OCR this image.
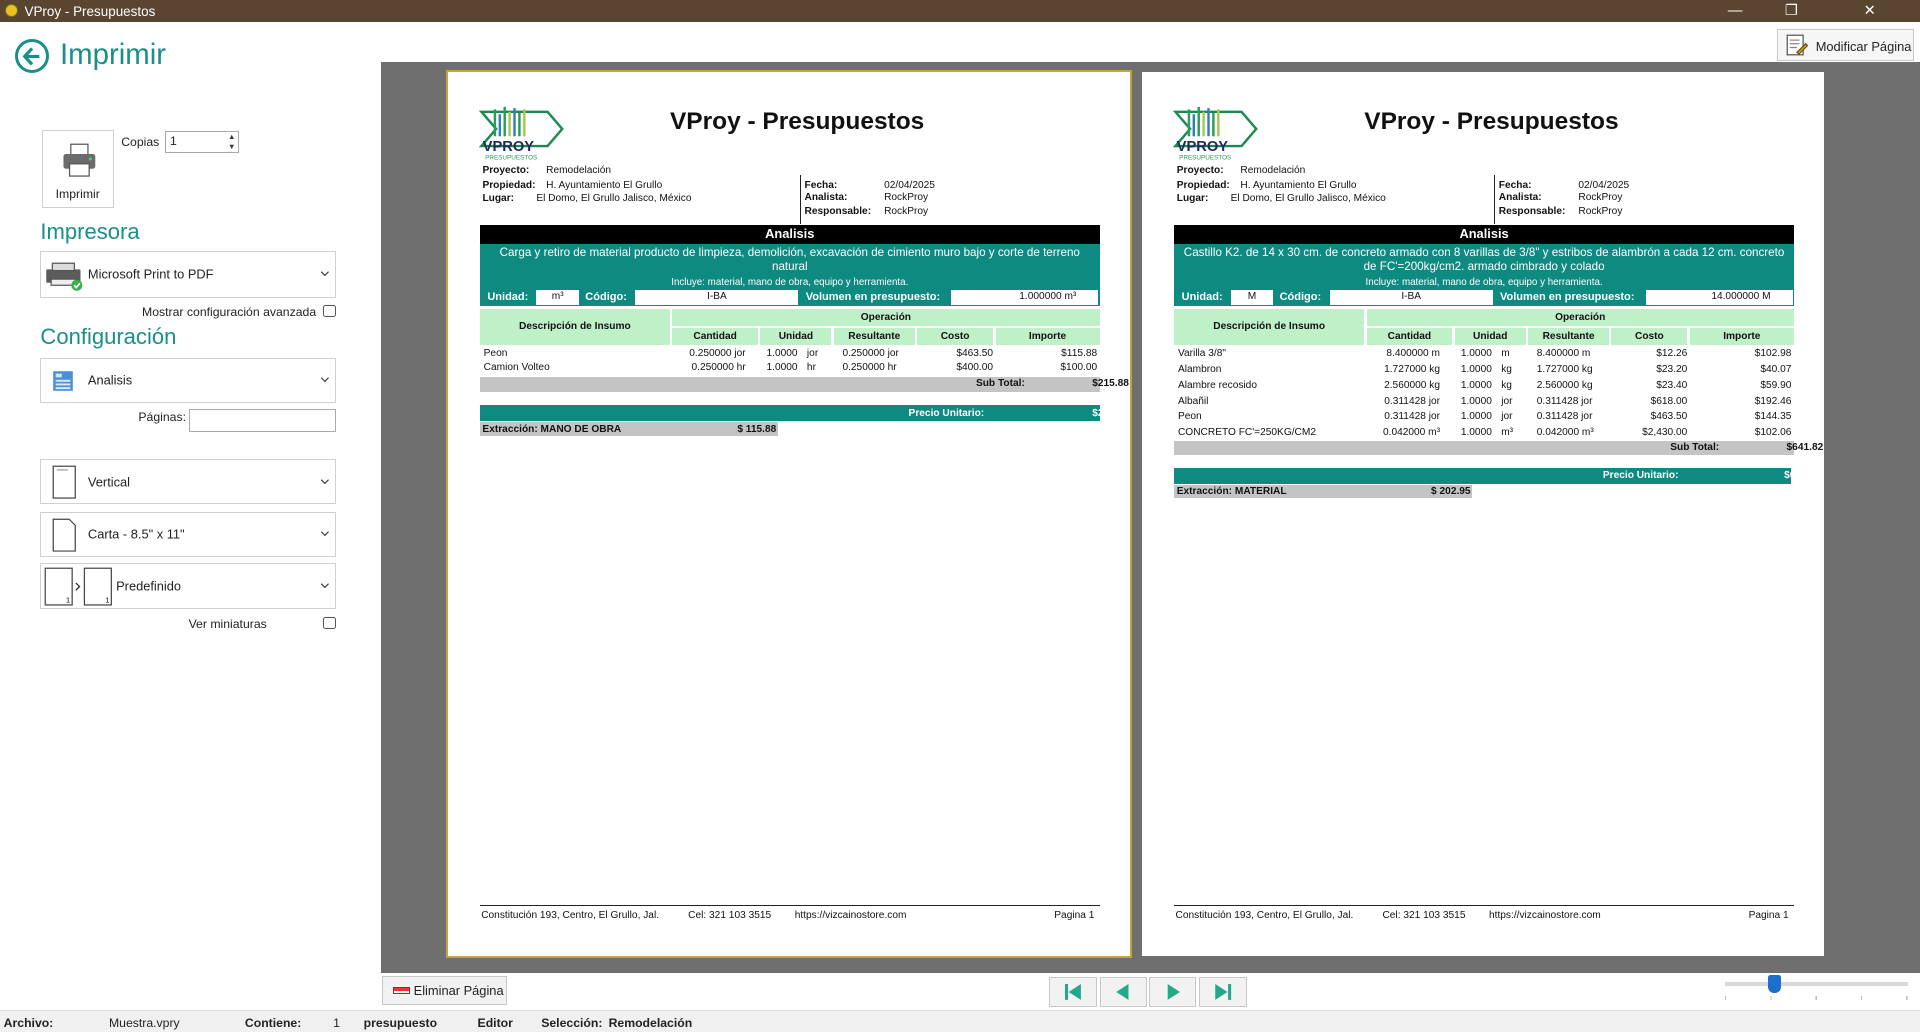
VProy - Presupuestos	—	❐	✕
Imprimir
Imprimir
Copias	1	▲
▼
Impresora
Microsoft Print to PDF
Mostrar configuración avanzada
Configuración
Analisis
Páginas:
Vertical
Carta - 8.5" x 11"
1	1
Predefinido
Ver miniaturas
Modificar Página
VPROY
PRESUPUESTOS
VProy - Presupuestos
Proyecto: Remodelación
Propiedad: H. Ayuntamiento El Grullo
Lugar:	El Domo, El Grullo Jalisco, México
Fecha:	02/04/2025
Analista:	RockProy
Responsable: RockProy
Analisis
Carga y retiro de material producto de limpieza, demolición, excavación de cimiento muro bajo y corte de terreno natural
Incluye: material, mano de obra, equipo y herramienta.
Unidad:	m³	Código:	I-BA	Volumen en presupuesto:	1.000000 m³
Descripción de Insumo
Operación
Cantidad	Unidad	Resultante	Costo	Importe
Peon	0.250000 jor	1.0000 jor	0.250000 jor	$463.50	$115.88
Camion Volteo	0.250000 hr	1.0000 hr	0.250000 hr	$400.00	$100.00
Sub Total:	$215.88
Precio Unitario:	$215.88
Extracción: MANO DE OBRA	$ 115.88
Constitución 193, Centro, El Grullo, Jal.	Cel: 321 103 3515	https://vizcainostore.com	Pagina 1
VPROY
PRESUPUESTOS
VProy - Presupuestos
Proyecto: Remodelación
Propiedad: H. Ayuntamiento El Grullo
Lugar:	El Domo, El Grullo Jalisco, México
Fecha:	02/04/2025
Analista:	RockProy
Responsable: RockProy
Analisis
Castillo K2. de 14 x 30 cm. de concreto armado con 8 varillas de 3/8" y estribos de alambrón a cada 12 cm. concreto de FC'=200kg/cm2. armado cimbrado y colado
Incluye: material, mano de obra, equipo y herramienta.
Unidad:	M	Código:	I-BA	Volumen en presupuesto:	14.000000 M
Descripción de Insumo
Operación
Cantidad	Unidad	Resultante	Costo	Importe
Varilla 3/8"	8.400000 m	1.0000 m	8.400000 m	$12.26	$102.98
Alambron	1.727000 kg	1.0000 kg	1.727000 kg	$23.20	$40.07
Alambre recosido	2.560000 kg	1.0000 kg	2.560000 kg	$23.40	$59.90
Albañil	0.311428 jor	1.0000 jor	0.311428 jor	$618.00	$192.46
Peon	0.311428 jor	1.0000 jor	0.311428 jor	$463.50	$144.35
CONCRETO FC'=250KG/CM2	0.042000 m³	1.0000 m³	0.042000 m³	$2,430.00	$102.06
Sub Total:	$641.82
Precio Unitario:	$641.82
Extracción: MATERIAL	$ 202.95
Constitución 193, Centro, El Grullo, Jal.	Cel: 321 103 3515	https://vizcainostore.com	Pagina 1
Eliminar Página
Archivo:	Muestra.vpry	Contiene:	1 presupuesto	Editor	Selección: Remodelación
